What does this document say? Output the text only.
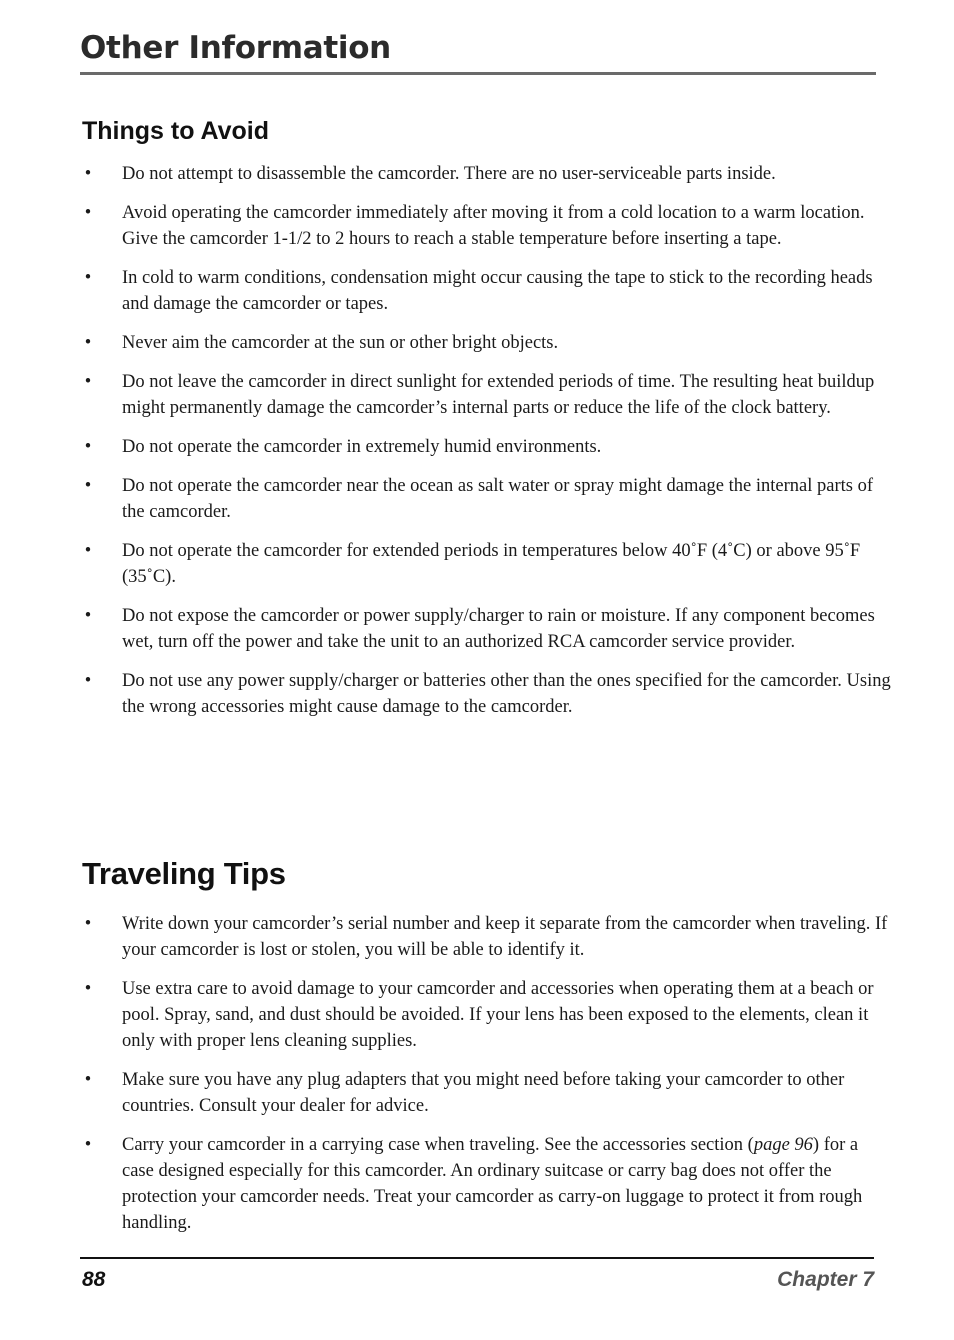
Other Information
Things to Avoid
• Do not attempt to disassemble the camcorder. There are no user-serviceable parts inside.
• Avoid operating the camcorder immediately after moving it from a cold location to a warm location. Give the camcorder 1-1/2 to 2 hours to reach a stable temperature before inserting a tape.
• In cold to warm conditions, condensation might occur causing the tape to stick to the recording heads and damage the camcorder or tapes.
• Never aim the camcorder at the sun or other bright objects.
• Do not leave the camcorder in direct sunlight for extended periods of time. The resulting heat buildup might permanently damage the camcorder’s internal parts or reduce the life of the clock battery.
• Do not operate the camcorder in extremely humid environments.
• Do not operate the camcorder near the ocean as salt water or spray might damage the internal parts of the camcorder.
• Do not operate the camcorder for extended periods in temperatures below 40˚F (4˚C) or above 95˚F (35˚C).
• Do not expose the camcorder or power supply/charger to rain or moisture. If any component becomes wet, turn off the power and take the unit to an authorized RCA camcorder service provider.
• Do not use any power supply/charger or batteries other than the ones specified for the camcorder. Using the wrong accessories might cause damage to the camcorder.
Traveling Tips
• Write down your camcorder’s serial number and keep it separate from the camcorder when traveling. If your camcorder is lost or stolen, you will be able to identify it.
• Use extra care to avoid damage to your camcorder and accessories when operating them at a beach or pool. Spray, sand, and dust should be avoided. If your lens has been exposed to the elements, clean it only with proper lens cleaning supplies.
• Make sure you have any plug adapters that you might need before taking your camcorder to other countries. Consult your dealer for advice.
• Carry your camcorder in a carrying case when traveling. See the accessories section (page 96) for a case designed especially for this camcorder. An ordinary suitcase or carry bag does not offer the protection your camcorder needs. Treat your camcorder as carry-on luggage to protect it from rough handling.

88	Chapter 7
